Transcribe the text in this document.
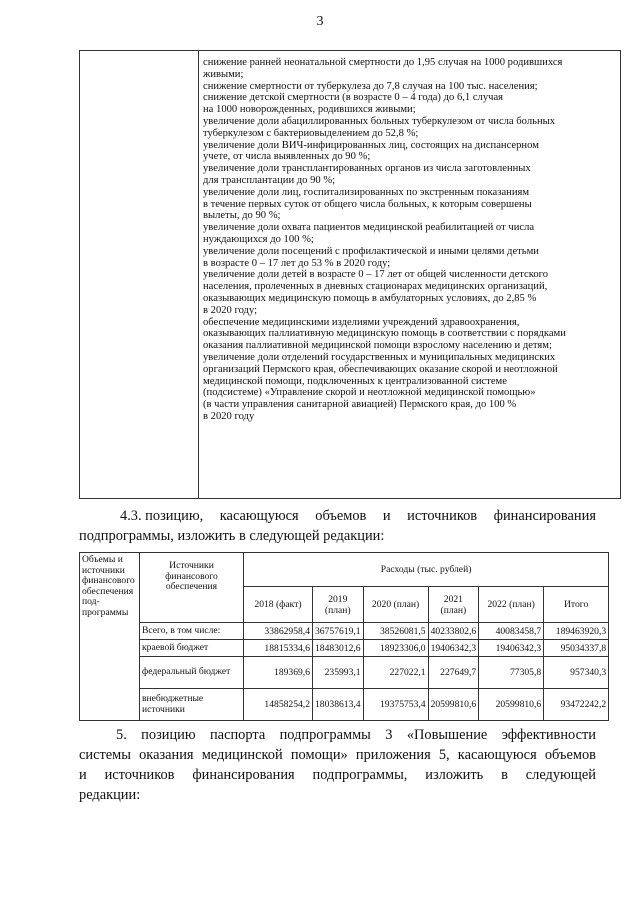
3
снижение ранней неонатальной смертности до 1,95 случая на 1000 родившихся
живыми;
снижение смертности от туберкулеза до 7,8 случая на 100 тыс. населения;
снижение детской смертности (в возрасте 0 – 4 года) до 6,1 случая
на 1000 новорожденных, родившихся живыми;
увеличение доли абациллированных больных туберкулезом от числа больных
туберкулезом с бактериовыделением до 52,8 %;
увеличение доли ВИЧ-инфицированных лиц, состоящих на диспансерном
учете, от числа выявленных до 90 %;
увеличение доли трансплантированных органов из числа заготовленных
для трансплантации до 90 %;
увеличение доли лиц, госпитализированных по экстренным показаниям
в течение первых суток от общего числа больных, к которым совершены
вылеты, до 90 %;
увеличение доли охвата пациентов медицинской реабилитацией от числа
нуждающихся до 100 %;
увеличение доли посещений с профилактической и иными целями детьми
в возрасте 0 – 17 лет до 53 % в 2020 году;
увеличение доли детей в возрасте 0 – 17 лет от общей численности детского
населения, пролеченных в дневных стационарах медицинских организаций,
оказывающих медицинскую помощь в амбулаторных условиях, до 2,85 %
в 2020 году;
обеспечение медицинскими изделиями учреждений здравоохранения,
оказывающих паллиативную медицинскую помощь в соответствии с порядками
оказания паллиативной медицинской помощи взрослому населению и детям;
увеличение доли отделений государственных и муниципальных медицинских
организаций Пермского края, обеспечивающих оказание скорой и неотложной
медицинской помощи, подключенных к централизованной системе
(подсистеме) «Управление скорой и неотложной медицинской помощью»
(в части управления санитарной авиацией) Пермского края, до 100 %
в 2020 году
4.3. позицию, касающуюся объемов и источников финансирования
подпрограммы, изложить в следующей редакции:
Объемы и источники финансового обеспечения под-программы	Источники финансового обеспечения	Расходы (тыс. рублей)					
		2018 (факт)	2019 (план)	2020 (план)	2021 (план)	2022 (план)	Итого
	Всего, в том числе:	33862958,4	36757619,1	38526081,5	40233802,6	40083458,7	189463920,3
	краевой бюджет	18815334,6	18483012,6	18923306,0	19406342,3	19406342,3	95034337,8
	федеральный бюджет	189369,6	235993,1	227022,1	227649,7	77305,8	957340,3
	внебюджетные источники	14858254,2	18038613,4	19375753,4	20599810,6	20599810,6	93472242,2
5. позицию паспорта подпрограммы 3 «Повышение эффективности
системы оказания медицинской помощи» приложения 5, касающуюся объемов
и источников финансирования подпрограммы, изложить в следующей
редакции:
